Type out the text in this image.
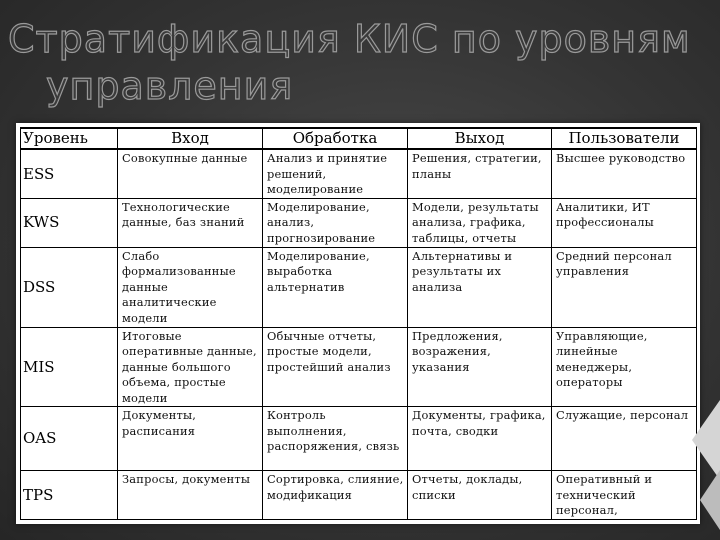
Стратификация КИС по уровням
управления
Уровень	Вход	Обработка	Выход	Пользователи
ESS	Совокупные данные	Анализ и принятие решений, моделирование	Решения, стратегии, планы	Высшее руководство
KWS	Технологические данные, баз знаний	Моделирование, анализ, прогнозирование	Модели, результаты анализа, графика, таблицы, отчеты	Аналитики, ИТ профессионалы
DSS	Слабо формализованные данные аналитические модели	Моделирование, выработка альтернатив	Альтернативы и результаты их анализа	Средний персонал управления
MIS	Итоговые оперативные данные, данные большого объема, простые модели	Обычные отчеты, простые модели, простейший анализ	Предложения, возражения, указания	Управляющие, линейные менеджеры, операторы
OAS	Документы, расписания	Контроль выполнения, распоряжения, связь	Документы, графика, почта, сводки	Служащие, персонал
TPS	Запросы, документы	Сортировка, слияние, модификация	Отчеты, доклады, списки	Оперативный и технический персонал,
